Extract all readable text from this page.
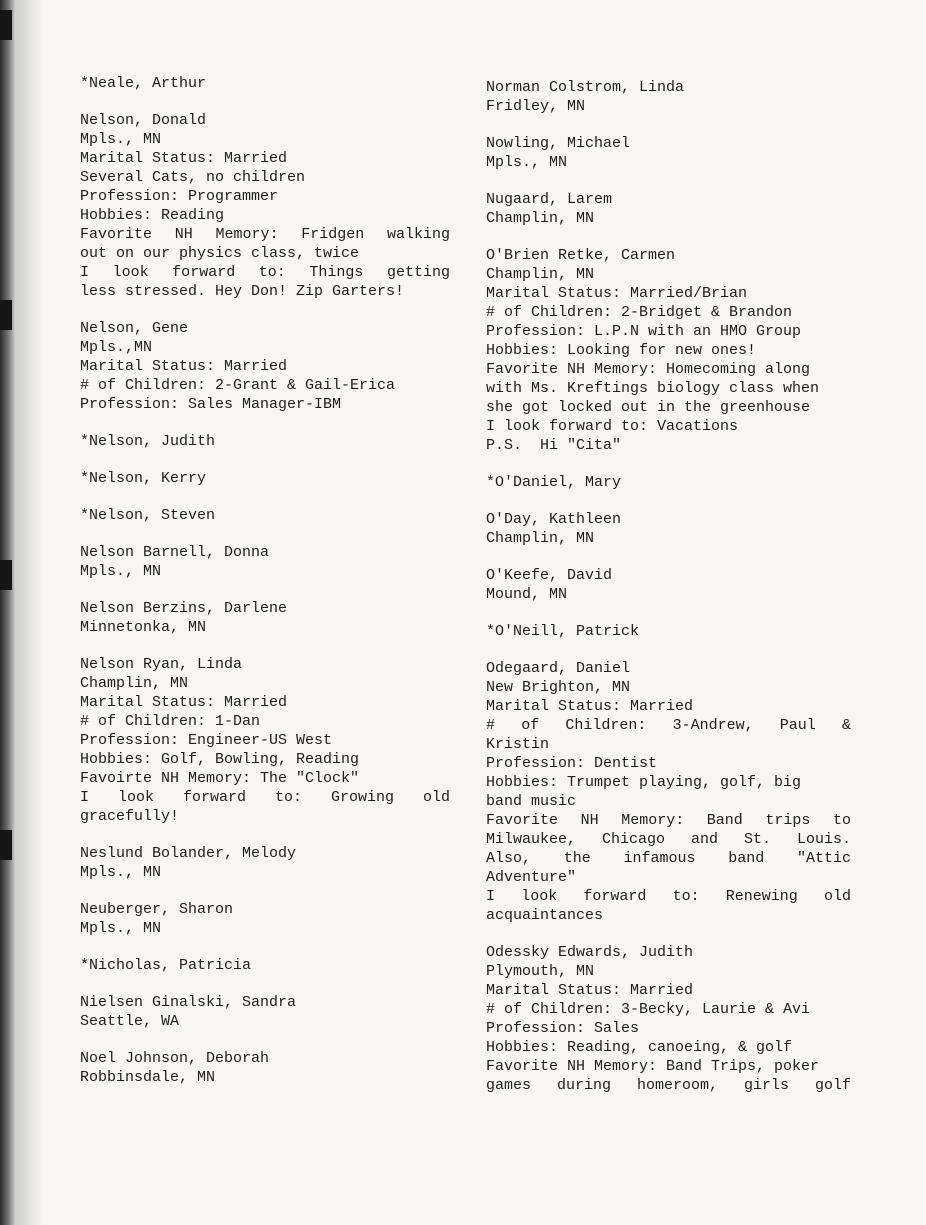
*Neale, Arthur
Nelson, Donald
Mpls., MN
Marital Status: Married
Several Cats, no children
Profession: Programmer
Hobbies: Reading
Favorite NH Memory: Fridgen walking
out on our physics class, twice
I look forward to: Things getting
less stressed. Hey Don! Zip Garters!
Nelson, Gene
Mpls.,MN
Marital Status: Married
# of Children: 2-Grant & Gail-Erica
Profession: Sales Manager-IBM
*Nelson, Judith
*Nelson, Kerry
*Nelson, Steven
Nelson Barnell, Donna
Mpls., MN
Nelson Berzins, Darlene
Minnetonka, MN
Nelson Ryan, Linda
Champlin, MN
Marital Status: Married
# of Children: 1-Dan
Profession: Engineer-US West
Hobbies: Golf, Bowling, Reading
Favoirte NH Memory: The "Clock"
I look forward to: Growing old
gracefully!
Neslund Bolander, Melody
Mpls., MN
Neuberger, Sharon
Mpls., MN
*Nicholas, Patricia
Nielsen Ginalski, Sandra
Seattle, WA
Noel Johnson, Deborah
Robbinsdale, MN
Norman Colstrom, Linda
Fridley, MN
Nowling, Michael
Mpls., MN
Nugaard, Larem
Champlin, MN
O'Brien Retke, Carmen
Champlin, MN
Marital Status: Married/Brian
# of Children: 2-Bridget & Brandon
Profession: L.P.N with an HMO Group
Hobbies: Looking for new ones!
Favorite NH Memory: Homecoming along
with Ms. Kreftings biology class when
she got locked out in the greenhouse
I look forward to: Vacations
P.S.  Hi "Cita"
*O'Daniel, Mary
O'Day, Kathleen
Champlin, MN
O'Keefe, David
Mound, MN
*O'Neill, Patrick
Odegaard, Daniel
New Brighton, MN
Marital Status: Married
# of Children: 3-Andrew, Paul &
Kristin
Profession: Dentist
Hobbies: Trumpet playing, golf, big
band music
Favorite NH Memory: Band trips to
Milwaukee, Chicago and St. Louis.
Also, the infamous band "Attic
Adventure"
I look forward to: Renewing old
acquaintances
Odessky Edwards, Judith
Plymouth, MN
Marital Status: Married
# of Children: 3-Becky, Laurie & Avi
Profession: Sales
Hobbies: Reading, canoeing, & golf
Favorite NH Memory: Band Trips, poker
games during homeroom, girls golf
